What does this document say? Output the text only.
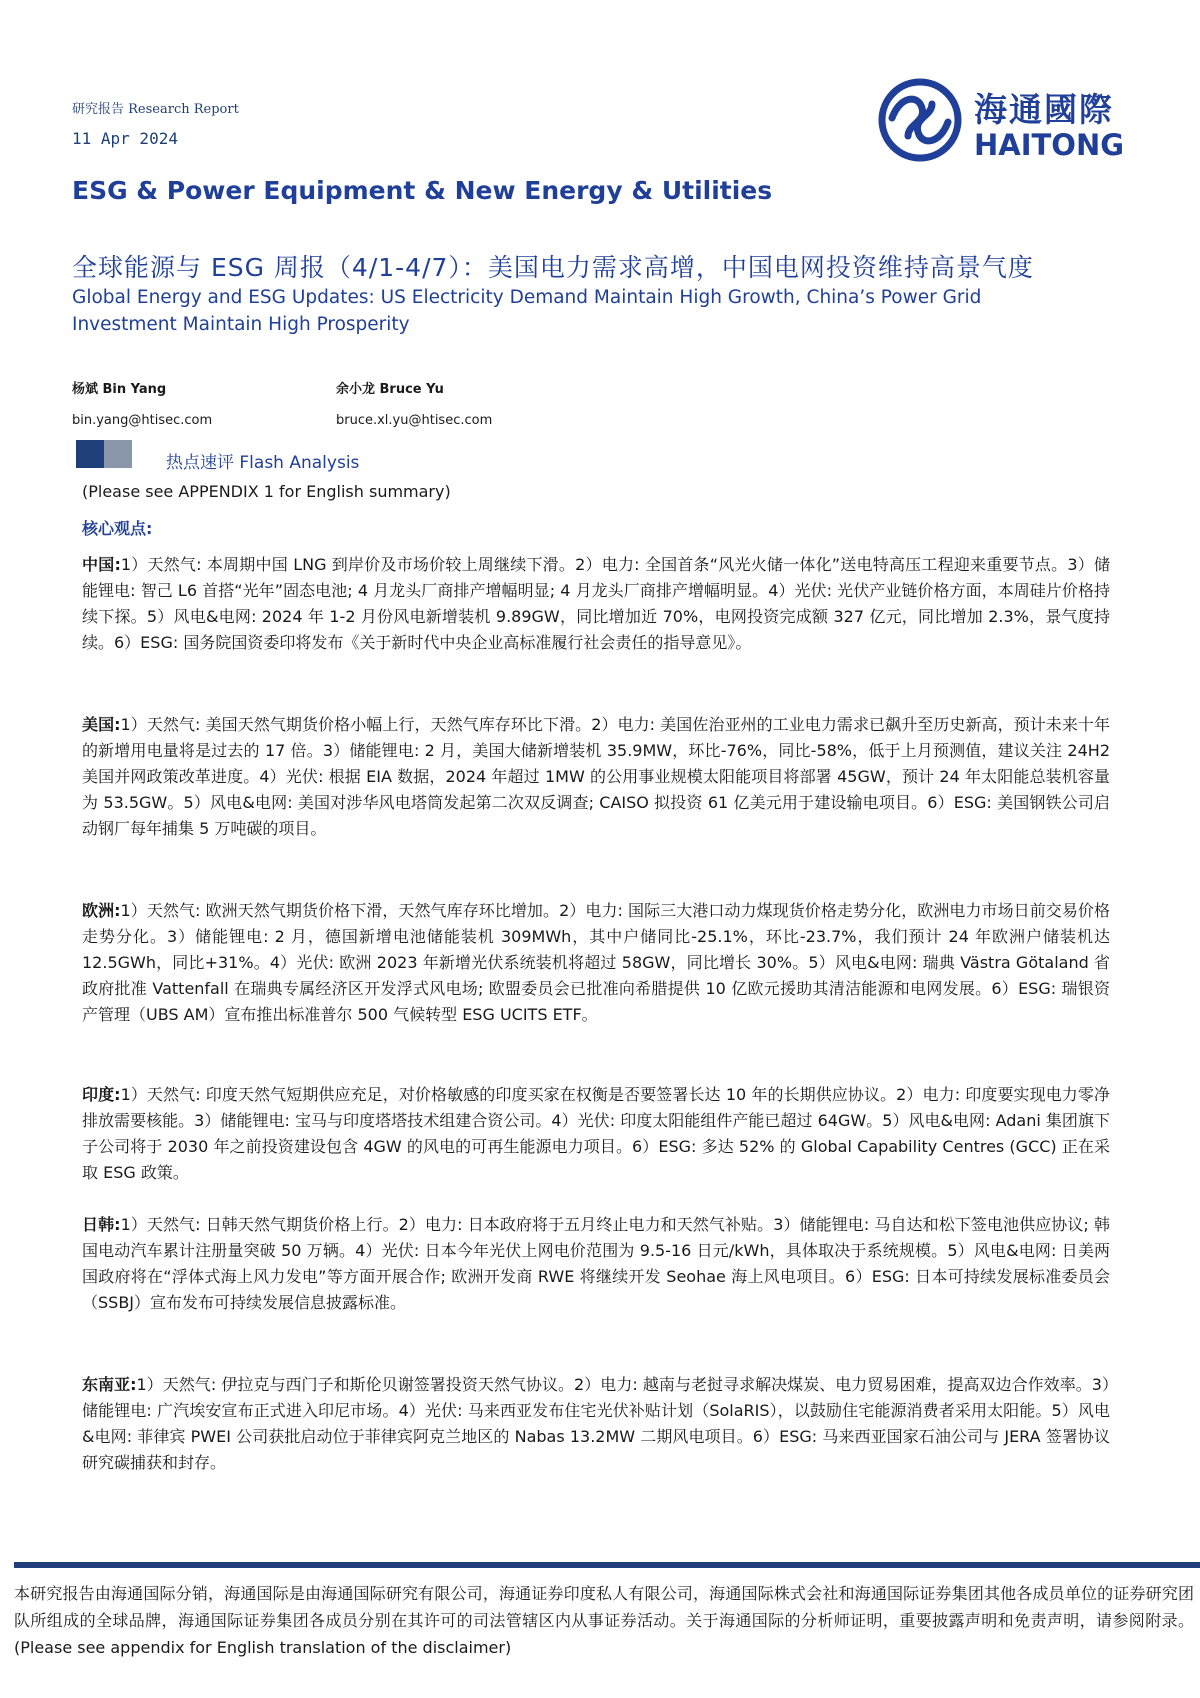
研究报告 Research Report
11 Apr 2024
海通國際
HAITONG
ESG & Power Equipment & New Energy & Utilities
全球能源与 ESG 周报（4/1-4/7）：美国电力需求高增，中国电网投资维持高景气度
Global Energy and ESG Updates: US Electricity Demand Maintain High Growth, China’s Power Grid Investment Maintain High Prosperity
杨斌 Bin Yang
bin.yang@htisec.com
余小龙 Bruce Yu
bruce.xl.yu@htisec.com
热点速评 Flash Analysis
(Please see APPENDIX 1 for English summary)
核心观点:
中国:1）天然气: 本周期中国 LNG 到岸价及市场价较上周继续下滑。2）电力: 全国首条“风光火储一体化”送电特高压工程迎来重要节点。3）储能锂电: 智己 L6 首搭“光年”固态电池; 4 月龙头厂商排产增幅明显; 4 月龙头厂商排产增幅明显。4）光伏: 光伏产业链价格方面，本周硅片价格持续下探。5）风电&电网: 2024 年 1-2 月份风电新增装机 9.89GW，同比增加近 70%，电网投资完成额 327 亿元，同比增加 2.3%，景气度持续。6）ESG: 国务院国资委印将发布《关于新时代中央企业高标准履行社会责任的指导意见》。
美国:1）天然气: 美国天然气期货价格小幅上行，天然气库存环比下滑。2）电力: 美国佐治亚州的工业电力需求已飙升至历史新高，预计未来十年的新增用电量将是过去的 17 倍。3）储能锂电: 2 月，美国大储新增装机 35.9MW，环比-76%，同比-58%，低于上月预测值，建议关注 24H2 美国并网政策改革进度。4）光伏: 根据 EIA 数据，2024 年超过 1MW 的公用事业规模太阳能项目将部署 45GW，预计 24 年太阳能总装机容量为 53.5GW。5）风电&电网: 美国对涉华风电塔筒发起第二次双反调查; CAISO 拟投资 61 亿美元用于建设输电项目。6）ESG: 美国钢铁公司启动钢厂每年捕集 5 万吨碳的项目。
欧洲:1）天然气: 欧洲天然气期货价格下滑，天然气库存环比增加。2）电力: 国际三大港口动力煤现货价格走势分化，欧洲电力市场日前交易价格走势分化。3）储能锂电: 2 月，德国新增电池储能装机 309MWh，其中户储同比-25.1%，环比-23.7%，我们预计 24 年欧洲户储装机达 12.5GWh，同比+31%。4）光伏: 欧洲 2023 年新增光伏系统装机将超过 58GW，同比增长 30%。5）风电&电网: 瑞典 Västra Götaland 省政府批准 Vattenfall 在瑞典专属经济区开发浮式风电场; 欧盟委员会已批准向希腊提供 10 亿欧元援助其清洁能源和电网发展。6）ESG: 瑞银资产管理（UBS AM）宣布推出标准普尔 500 气候转型 ESG UCITS ETF。
印度:1）天然气: 印度天然气短期供应充足，对价格敏感的印度买家在权衡是否要签署长达 10 年的长期供应协议。2）电力: 印度要实现电力零净排放需要核能。3）储能锂电: 宝马与印度塔塔技术组建合资公司。4）光伏: 印度太阳能组件产能已超过 64GW。5）风电&电网: Adani 集团旗下子公司将于 2030 年之前投资建设包含 4GW 的风电的可再生能源电力项目。6）ESG: 多达 52% 的 Global Capability Centres (GCC) 正在采取 ESG 政策。
日韩:1）天然气: 日韩天然气期货价格上行。2）电力: 日本政府将于五月终止电力和天然气补贴。3）储能锂电: 马自达和松下签电池供应协议; 韩国电动汽车累计注册量突破 50 万辆。4）光伏: 日本今年光伏上网电价范围为 9.5-16 日元/kWh，具体取决于系统规模。5）风电&电网: 日美两国政府将在“浮体式海上风力发电”等方面开展合作; 欧洲开发商 RWE 将继续开发 Seohae 海上风电项目。6）ESG: 日本可持续发展标准委员会（SSBJ）宣布发布可持续发展信息披露标准。
东南亚:1）天然气: 伊拉克与西门子和斯伦贝谢签署投资天然气协议。2）电力: 越南与老挝寻求解决煤炭、电力贸易困难，提高双边合作效率。3）储能锂电: 广汽埃安宣布正式进入印尼市场。4）光伏: 马来西亚发布住宅光伏补贴计划（SolaRIS），以鼓励住宅能源消费者采用太阳能。5）风电&电网: 菲律宾 PWEI 公司获批启动位于菲律宾阿克兰地区的 Nabas 13.2MW 二期风电项目。6）ESG: 马来西亚国家石油公司与 JERA 签署协议研究碳捕获和封存。
本研究报告由海通国际分销，海通国际是由海通国际研究有限公司，海通证券印度私人有限公司，海通国际株式会社和海通国际证券集团其他各成员单位的证券研究团队所组成的全球品牌，海通国际证券集团各成员分别在其许可的司法管辖区内从事证券活动。关于海通国际的分析师证明，重要披露声明和免责声明，请参阅附录。(Please see appendix for English translation of the disclaimer)
